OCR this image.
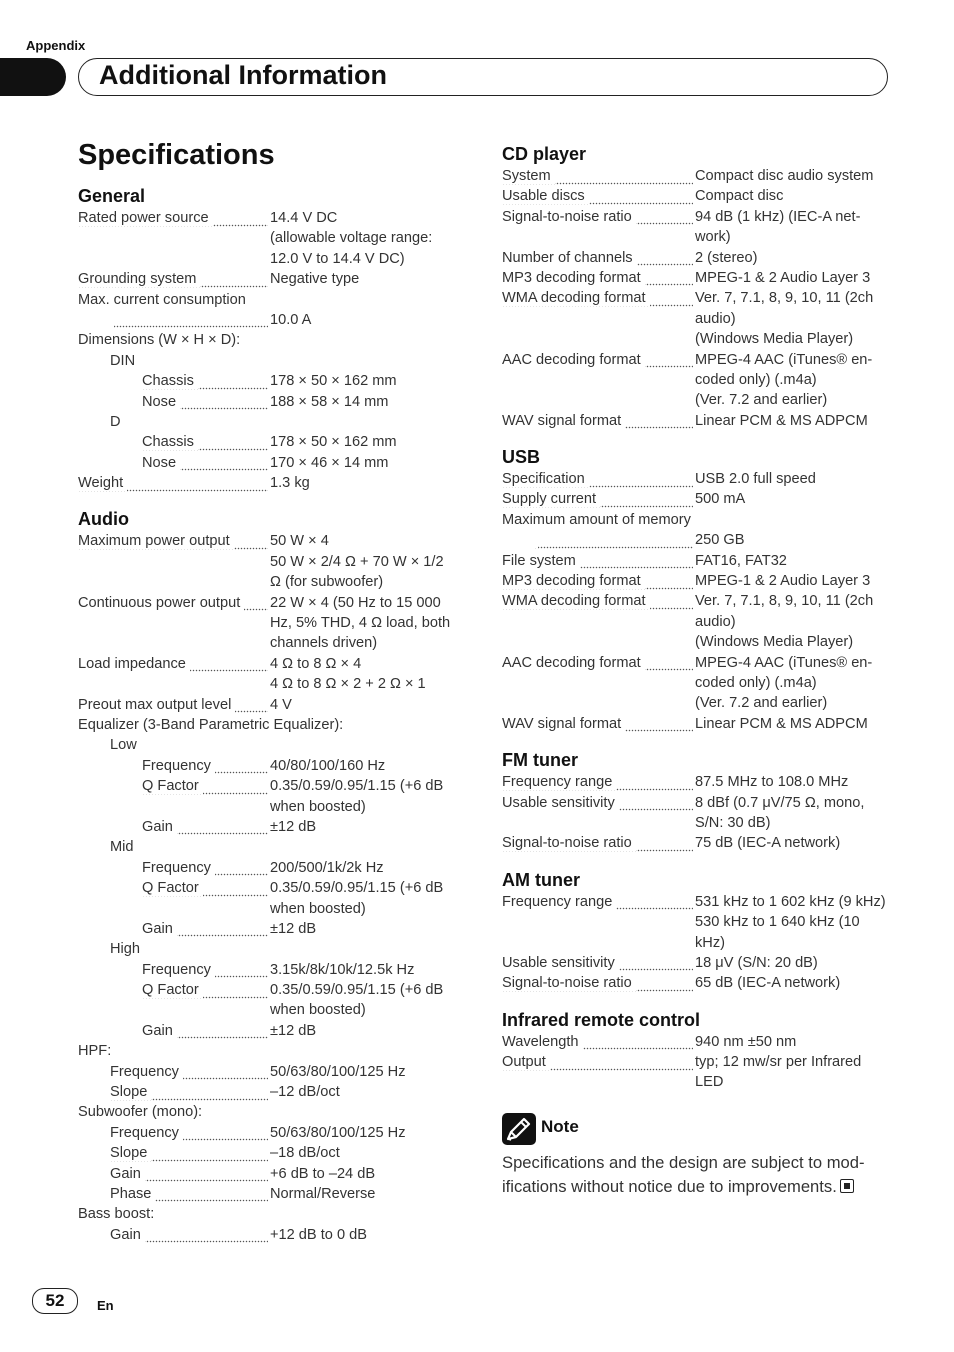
Appendix
Additional Information
Specifications
General
Rated power source	14.4 V DC
(allowable voltage range:
12.0 V to 14.4 V DC)
Grounding system	Negative type
Max. current consumption
10.0 A
Dimensions (W × H × D):
DIN
Chassis	178 × 50 × 162 mm
Nose	188 × 58 × 14 mm
D
Chassis	178 × 50 × 162 mm
Nose	170 × 46 × 14 mm
Weight	1.3 kg
Audio
Maximum power output	50 W × 4
50 W × 2/4 Ω + 70 W × 1/2
Ω (for subwoofer)
Continuous power output	22 W × 4 (50 Hz to 15 000
Hz, 5% THD, 4 Ω load, both
channels driven)
Load impedance	4 Ω to 8 Ω × 4
4 Ω to 8 Ω × 2 + 2 Ω × 1
Preout max output level	4 V
Equalizer (3-Band Parametric Equalizer):
Low
Frequency	40/80/100/160 Hz
Q Factor	0.35/0.59/0.95/1.15 (+6 dB
when boosted)
Gain	±12 dB
Mid
Frequency	200/500/1k/2k Hz
Q Factor	0.35/0.59/0.95/1.15 (+6 dB
when boosted)
Gain	±12 dB
High
Frequency	3.15k/8k/10k/12.5k Hz
Q Factor	0.35/0.59/0.95/1.15 (+6 dB
when boosted)
Gain	±12 dB
HPF:
Frequency	50/63/80/100/125 Hz
Slope	–12 dB/oct
Subwoofer (mono):
Frequency	50/63/80/100/125 Hz
Slope	–18 dB/oct
Gain	+6 dB to –24 dB
Phase	Normal/Reverse
Bass boost:
Gain	+12 dB to 0 dB
CD player
System	Compact disc audio system
Usable discs	Compact disc
Signal-to-noise ratio	94 dB (1 kHz) (IEC-A net-
work)
Number of channels	2 (stereo)
MP3 decoding format	MPEG-1 & 2 Audio Layer 3
WMA decoding format	Ver. 7, 7.1, 8, 9, 10, 11 (2ch
audio)
(Windows Media Player)
AAC decoding format	MPEG-4 AAC (iTunes® en-
coded only) (.m4a)
(Ver. 7.2 and earlier)
WAV signal format	Linear PCM & MS ADPCM
USB
Specification	USB 2.0 full speed
Supply current	500 mA
Maximum amount of memory
250 GB
File system	FAT16, FAT32
MP3 decoding format	MPEG-1 & 2 Audio Layer 3
WMA decoding format	Ver. 7, 7.1, 8, 9, 10, 11 (2ch
audio)
(Windows Media Player)
AAC decoding format	MPEG-4 AAC (iTunes® en-
coded only) (.m4a)
(Ver. 7.2 and earlier)
WAV signal format	Linear PCM & MS ADPCM
FM tuner
Frequency range	87.5 MHz to 108.0 MHz
Usable sensitivity	8 dBf (0.7 μV/75 Ω, mono,
S/N: 30 dB)
Signal-to-noise ratio	75 dB (IEC-A network)
AM tuner
Frequency range	531 kHz to 1 602 kHz (9 kHz)
530 kHz to 1 640 kHz (10
kHz)
Usable sensitivity	18 μV (S/N: 20 dB)
Signal-to-noise ratio	65 dB (IEC-A network)
Infrared remote control
Wavelength	940 nm ±50 nm
Output	typ; 12 mw/sr per Infrared
LED
Note
Specifications and the design are subject to mod-
ifications without notice due to improvements.
52	En
